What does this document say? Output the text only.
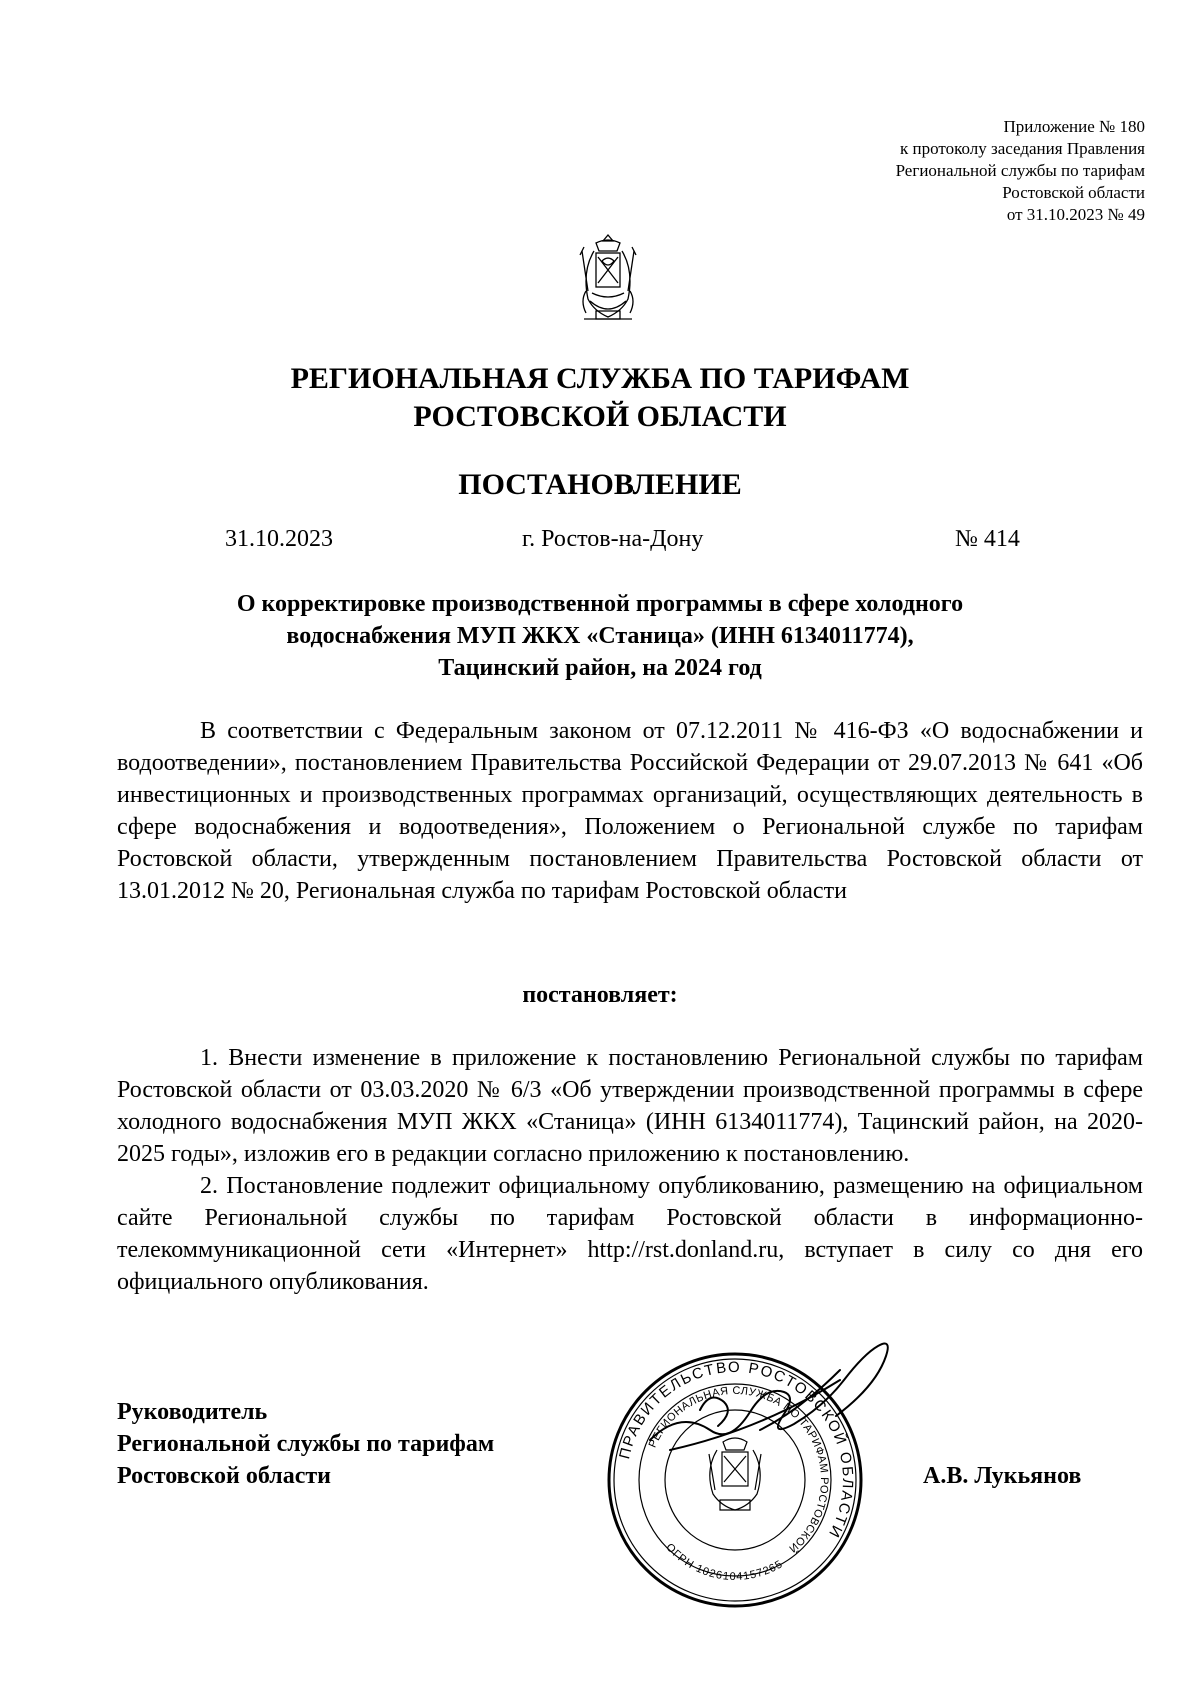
Приложение № 180
к протоколу заседания Правления
Региональной службы по тарифам
Ростовской области
от 31.10.2023 № 49
РЕГИОНАЛЬНАЯ СЛУЖБА ПО ТАРИФАМ
РОСТОВСКОЙ ОБЛАСТИ
ПОСТАНОВЛЕНИЕ
31.10.2023	г. Ростов-на-Дону	№ 414
О корректировке производственной программы в сфере холодного
водоснабжения МУП ЖКХ «Станица» (ИНН 6134011774),
Тацинский район, на 2024 год

В соответствии с Федеральным законом от 07.12.2011 № 416-ФЗ «О водоснабжении и водоотведении», постановлением Правительства Российской Федерации от 29.07.2013 № 641 «Об инвестиционных и производственных программах организаций, осуществляющих деятельность в сфере водоснабжения и водоотведения», Положением о Региональной службе по тарифам Ростовской области, утвержденным постановлением Правительства Ростовской области от 13.01.2012 № 20, Региональная служба по тарифам Ростовской области

постановляет:

1. Внести изменение в приложение к постановлению Региональной службы по тарифам Ростовской области от 03.03.2020 № 6/3 «Об утверждении производственной программы в сфере холодного водоснабжения МУП ЖКХ «Станица» (ИНН 6134011774), Тацинский район, на 2020-2025 годы», изложив его в редакции согласно приложению к постановлению.

2. Постановление подлежит официальному опубликованию, размещению на официальном сайте Региональной службы по тарифам Ростовской области в информационно-телекоммуникационной сети «Интернет» http://rst.donland.ru, вступает в силу со дня его официального опубликования.

Руководитель
Региональной службы по тарифам
Ростовской области
ПРАВИТЕЛЬСТВО РОСТОВСКОЙ ОБЛАСТИ
РЕГИОНАЛЬНАЯ СЛУЖБА ПО ТАРИФАМ РОСТОВСКОЙ
ОГРН 1026104157265
А.В. Лукьянов
